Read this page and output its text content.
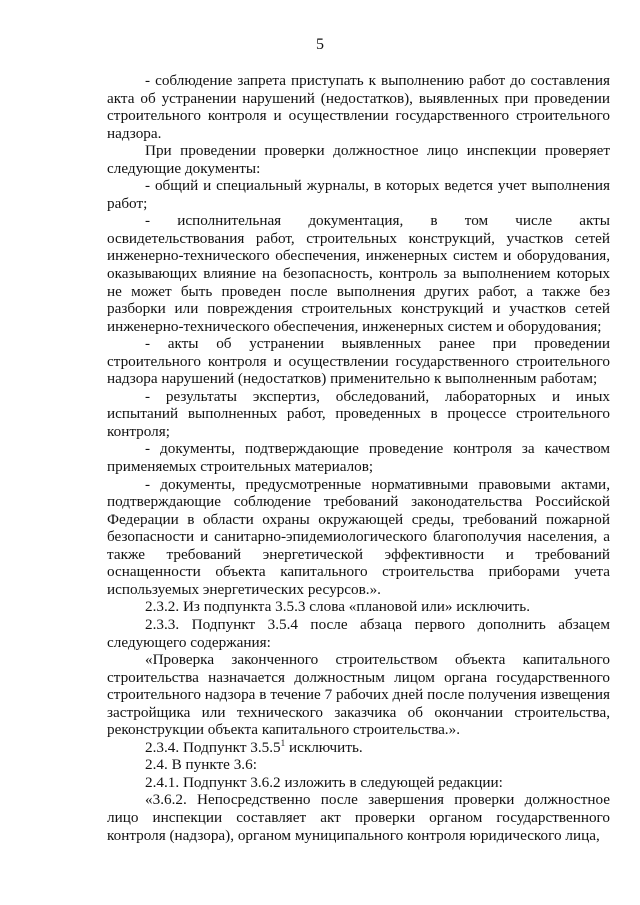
5

- соблюдение запрета приступать к выполнению работ до составления акта об устранении нарушений (недостатков), выявленных при проведении строительного контроля и осуществлении государственного строительного надзора.

При проведении проверки должностное лицо инспекции проверяет следующие документы:

- общий и специальный журналы, в которых ведется учет выполнения работ;

- исполнительная документация, в том числе акты освидетельствования работ, строительных конструкций, участков сетей инженерно-технического обеспечения, инженерных систем и оборудования, оказывающих влияние на безопасность, контроль за выполнением которых не может быть проведен после выполнения других работ, а также без разборки или повреждения строительных конструкций и участков сетей инженерно-технического обеспечения, инженерных систем и оборудования;

- акты об устранении выявленных ранее при проведении строительного контроля и осуществлении государственного строительного надзора нарушений (недостатков) применительно к выполненным работам;

- результаты экспертиз, обследований, лабораторных и иных испытаний выполненных работ, проведенных в процессе строительного контроля;

- документы, подтверждающие проведение контроля за качеством применяемых строительных материалов;

- документы, предусмотренные нормативными правовыми актами, подтверждающие соблюдение требований законодательства Российской Федерации в области охраны окружающей среды, требований пожарной безопасности и санитарно-эпидемиологического благополучия населения, а также требований энергетической эффективности и требований оснащенности объекта капитального строительства приборами учета используемых энергетических ресурсов.».

2.3.2. Из подпункта 3.5.3 слова «плановой или» исключить.

2.3.3. Подпункт 3.5.4 после абзаца первого дополнить абзацем следующего содержания:

«Проверка законченного строительством объекта капитального строительства назначается должностным лицом органа государственного строительного надзора в течение 7 рабочих дней после получения извещения застройщика или технического заказчика об окончании строительства, реконструкции объекта капитального строительства.».

2.3.4. Подпункт 3.5.5$^1$ исключить.

2.4. В пункте 3.6:

2.4.1. Подпункт 3.6.2 изложить в следующей редакции:

«3.6.2. Непосредственно после завершения проверки должностное лицо инспекции составляет акт проверки органом государственного контроля (надзора), органом муниципального контроля юридического лица,
